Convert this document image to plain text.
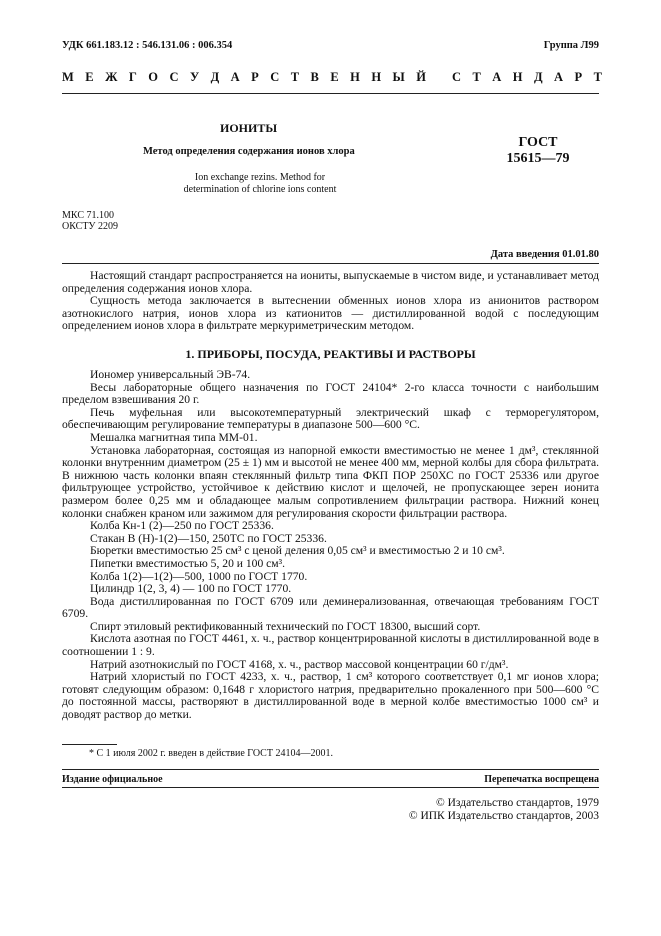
УДК 661.183.12 : 546.131.06 : 006.354	Группа Л99
М Е Ж Г О С У Д А Р С Т В Е Н Н Ы Й
С Т А Н Д А Р Т
ИОНИТЫ
Метод определения содержания ионов хлора
Ion exchange rezins. Method for
determination of chlorine ions content
ГОСТ
15615—79
МКС 71.100
ОКСТУ 2209
Дата введения 01.01.80

Настоящий стандарт распространяется на иониты, выпускаемые в чистом виде, и устанавливает метод определения содержания ионов хлора.

Сущность метода заключается в вытеснении обменных ионов хлора из анионитов раствором азотнокислого натрия, ионов хлора из катионитов — дистиллированной водой с последующим определением ионов хлора в фильтрате меркуриметрическим методом.

1. ПРИБОРЫ, ПОСУДА, РЕАКТИВЫ И РАСТВОРЫ

Иономер универсальный ЭВ-74.

Весы лабораторные общего назначения по ГОСТ 24104* 2-го класса точности с наибольшим пределом взвешивания 20 г.

Печь муфельная или высокотемпературный электрический шкаф с терморегулятором, обеспечивающим регулирование температуры в диапазоне 500—600 °С.

Мешалка магнитная типа ММ-01.

Установка лабораторная, состоящая из напорной емкости вместимостью не менее 1 дм³, стеклянной колонки внутренним диаметром (25 ± 1) мм и высотой не менее 400 мм, мерной колбы для сбора фильтрата. В нижнюю часть колонки впаян стеклянный фильтр типа ФКП ПОР 250ХС по ГОСТ 25336 или другое фильтрующее устройство, устойчивое к действию кислот и щелочей, не пропускающее зерен ионита размером более 0,25 мм и обладающее малым сопротивлением фильтрации раствора. Нижний конец колонки снабжен краном или зажимом для регулирования скорости фильтрации раствора.

Колба Кн-1 (2)—250 по ГОСТ 25336.

Стакан В (Н)-1(2)—150, 250ТС по ГОСТ 25336.

Бюретки вместимостью 25 см³ с ценой деления 0,05 см³ и вместимостью 2 и 10 см³.

Пипетки вместимостью 5, 20 и 100 см³.

Колба 1(2)—1(2)—500, 1000 по ГОСТ 1770.

Цилиндр 1(2, 3, 4) — 100 по ГОСТ 1770.

Вода дистиллированная по ГОСТ 6709 или деминерализованная, отвечающая требованиям ГОСТ 6709.

Спирт этиловый ректификованный технический по ГОСТ 18300, высший сорт.

Кислота азотная по ГОСТ 4461, х. ч., раствор концентрированной кислоты в дистиллированной воде в соотношении 1 : 9.

Натрий азотнокислый по ГОСТ 4168, х. ч., раствор массовой концентрации 60 г/дм³.

Натрий хлористый по ГОСТ 4233, х. ч., раствор, 1 см³ которого соответствует 0,1 мг ионов хлора; готовят следующим образом: 0,1648 г хлористого натрия, предварительно прокаленного при 500—600 °С до постоянной массы, растворяют в дистиллированной воде в мерной колбе вместимостью 1000 см³ и доводят раствор до метки.

* С 1 июля 2002 г. введен в действие ГОСТ 24104—2001.
Издание официальное	Перепечатка воспрещена
© Издательство стандартов, 1979
© ИПК Издательство стандартов, 2003
